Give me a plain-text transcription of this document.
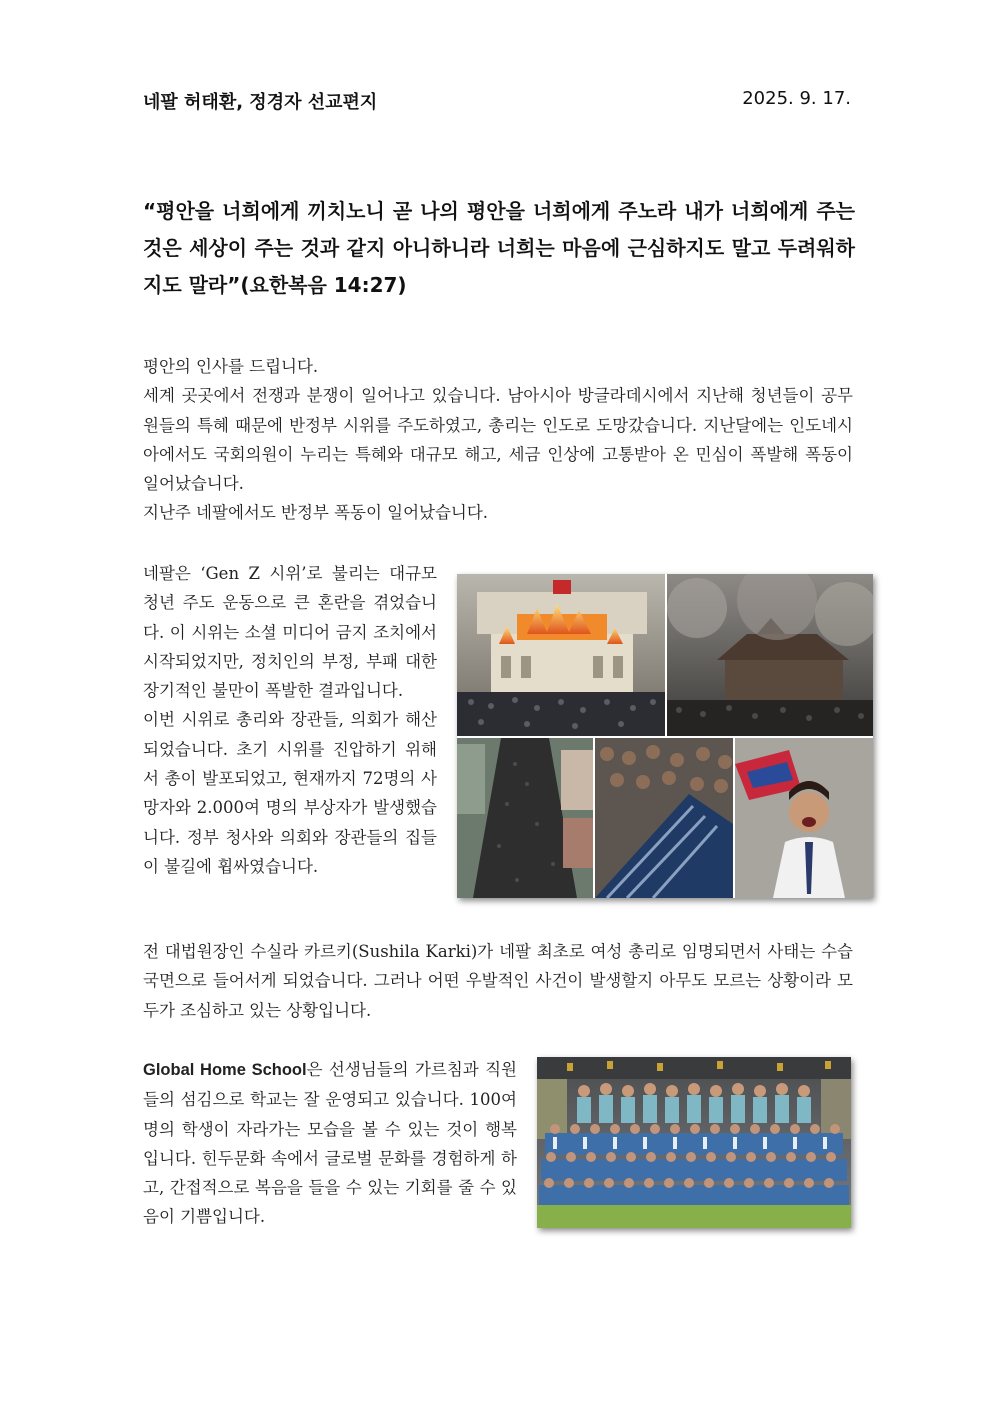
네팔 허태환, 정경자 선교편지	2025. 9. 17.
“평안을 너희에게 끼치노니 곧 나의 평안을 너희에게 주노라 내가 너희에게 주는 것은 세상이 주는 것과 같지 아니하니라 너희는 마음에 근심하지도 말고 두려워하지도 말라”(요한복음 14:27)

평안의 인사를 드립니다.

세계 곳곳에서 전쟁과 분쟁이 일어나고 있습니다. 남아시아 방글라데시에서 지난해 청년들이 공무원들의 특혜 때문에 반정부 시위를 주도하였고, 총리는 인도로 도망갔습니다. 지난달에는 인도네시아에서도 국회의원이 누리는 특혜와 대규모 해고, 세금 인상에 고통받아 온 민심이 폭발해 폭동이 일어났습니다.

지난주 네팔에서도 반정부 폭동이 일어났습니다.

네팔은 ‘Gen Z 시위’로 불리는 대규모 청년 주도 운동으로 큰 혼란을 겪었습니다. 이 시위는 소셜 미디어 금지 조치에서 시작되었지만, 정치인의 부정, 부패 대한 장기적인 불만이 폭발한 결과입니다.

이번 시위로 총리와 장관들, 의회가 해산되었습니다. 초기 시위를 진압하기 위해서 총이 발포되었고, 현재까지 72명의 사망자와 2.000여 명의 부상자가 발생했습니다. 정부 청사와 의회와 장관들의 집들이 불길에 휩싸였습니다.

전 대법원장인 수실라 카르키(Sushila Karki)가 네팔 최초로 여성 총리로 임명되면서 사태는 수습국면으로 들어서게 되었습니다. 그러나 어떤 우발적인 사건이 발생할지 아무도 모르는 상황이라 모두가 조심하고 있는 상황입니다.
Global Home School은 선생님들의 가르침과 직원들의 섬김으로 학교는 잘 운영되고 있습니다. 100여 명의 학생이 자라가는 모습을 볼 수 있는 것이 행복입니다. 힌두문화 속에서 글로벌 문화를 경험하게 하고, 간접적으로 복음을 들을 수 있는 기회를 줄 수 있음이 기쁨입니다.
